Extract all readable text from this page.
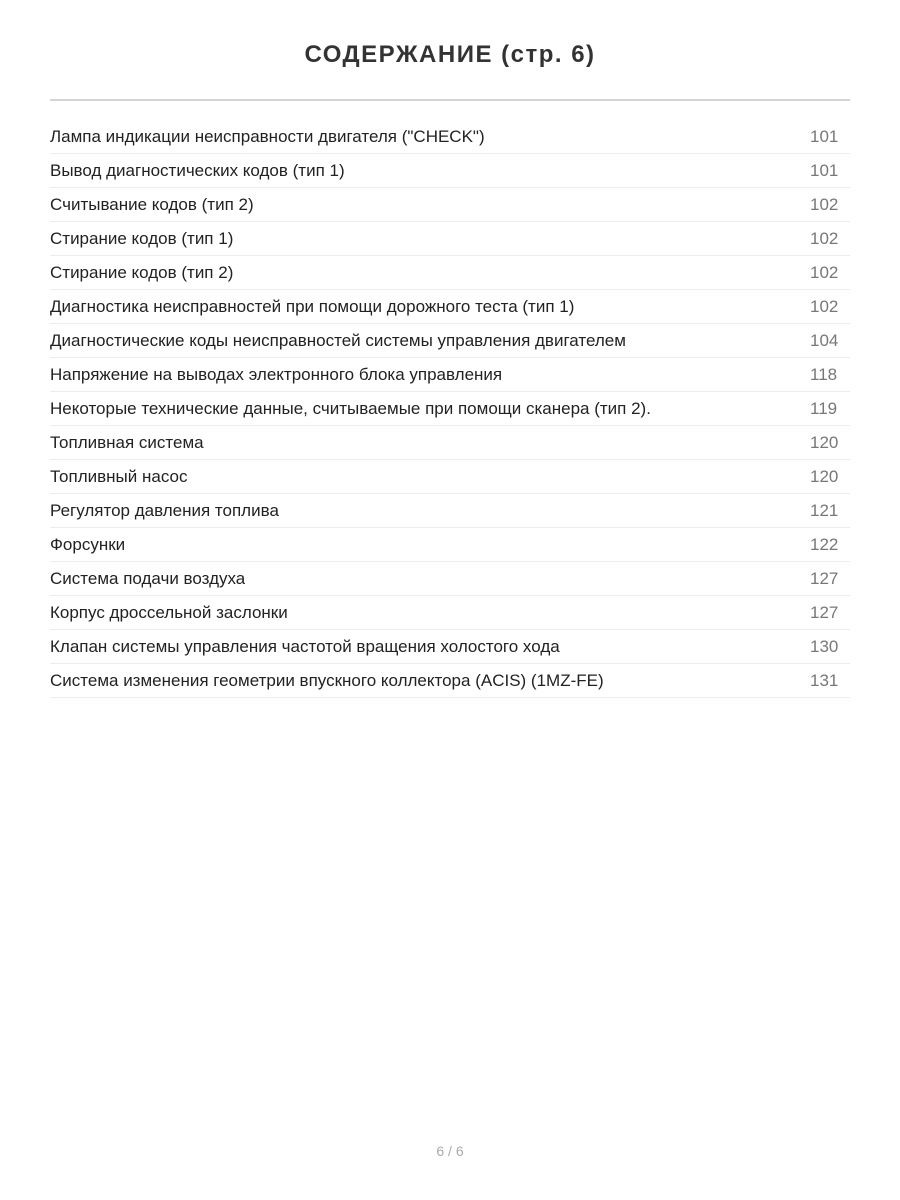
СОДЕРЖАНИЕ (стр. 6)
Лампа индикации неисправности двигателя ("CHECK")	101
Вывод диагностических кодов (тип 1)	101
Считывание кодов (тип 2)	102
Стирание кодов (тип 1)	102
Стирание кодов (тип 2)	102
Диагностика неисправностей при помощи дорожного теста (тип 1)	102
Диагностические коды неисправностей системы управления двигателем	104
Напряжение на выводах электронного блока управления	118
Некоторые технические данные, считываемые при помощи сканера (тип 2).	119
Топливная система	120
Топливный насос	120
Регулятор давления топлива	121
Форсунки	122
Система подачи воздуха	127
Корпус дроссельной заслонки	127
Клапан системы управления частотой вращения холостого хода	130
Система изменения геометрии впускного коллектора (ACIS) (1MZ-FE)	131
6 / 6
